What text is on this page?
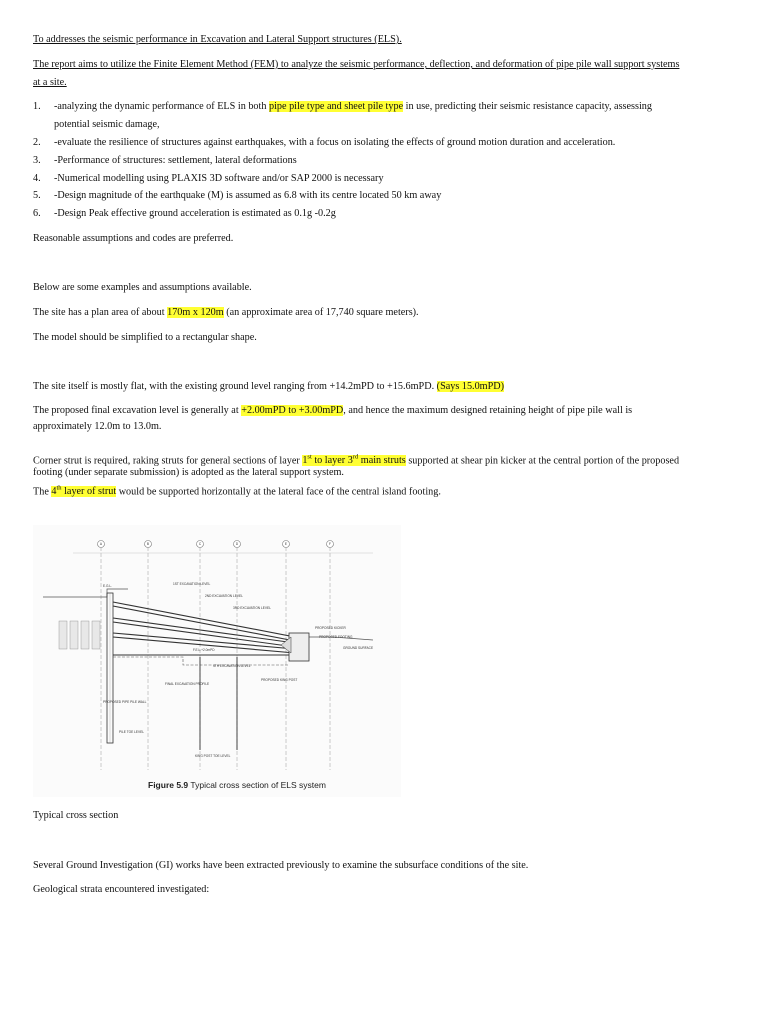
To addresses the seismic performance in Excavation and Lateral Support structures (ELS).

The report aims to utilize the Finite Element Method (FEM) to analyze the seismic performance, deflection, and deformation of pipe pile wall support systems

at a site.

1. -analyzing the dynamic performance of ELS in both pipe pile type and sheet pile type in use, predicting their seismic resistance capacity, assessing
potential seismic damage,
2. -evaluate the resilience of structures against earthquakes, with a focus on isolating the effects of ground motion duration and acceleration.
3. -Performance of structures: settlement, lateral deformations
4. -Numerical modelling using PLAXIS 3D software and/or SAP 2000 is necessary
5. -Design magnitude of the earthquake (M) is assumed as 6.8 with its centre located 50 km away
6. -Design Peak effective ground acceleration is estimated as 0.1g -0.2g

Reasonable assumptions and codes are preferred.

Below are some examples and assumptions available.

The site has a plan area of about 170m x 120m (an approximate area of 17,740 square meters).

The model should be simplified to a rectangular shape.

The site itself is mostly flat, with the existing ground level ranging from +14.2mPD to +15.6mPD. (Says 15.0mPD)

The proposed final excavation level is generally at +2.00mPD to +3.00mPD, and hence the maximum designed retaining height of pipe pile wall is

approximately 12.0m to 13.0m.

Corner strut is required, raking struts for general sections of layer 1st to layer 3rd main struts supported at shear pin kicker at the central portion of the proposed

footing (under separate submission) is adopted as the lateral support system.

The 4th layer of strut would be supported horizontally at the lateral face of the central island footing.

A	B	C	D	E	F
1ST EXCAVATION LEVEL
2ND EXCAVATION LEVEL
3RD EXCAVATION LEVEL
4TH EXCAVATION LEVEL
F.E.L.+2.0mPD
PROPOSED PIPE PILE WALL
FINAL EXCAVATION PROFILE
PROPOSED KING POST
PROPOSED KICKER
PROPOSED FOOTING
PILE TOE LEVEL
KING POST TOE LEVEL
E.G.L.
GROUND SURFACE
Figure 5.9 Typical cross section of ELS system

Typical cross section

Several Ground Investigation (GI) works have been extracted previously to examine the subsurface conditions of the site.

Geological strata encountered investigated:
